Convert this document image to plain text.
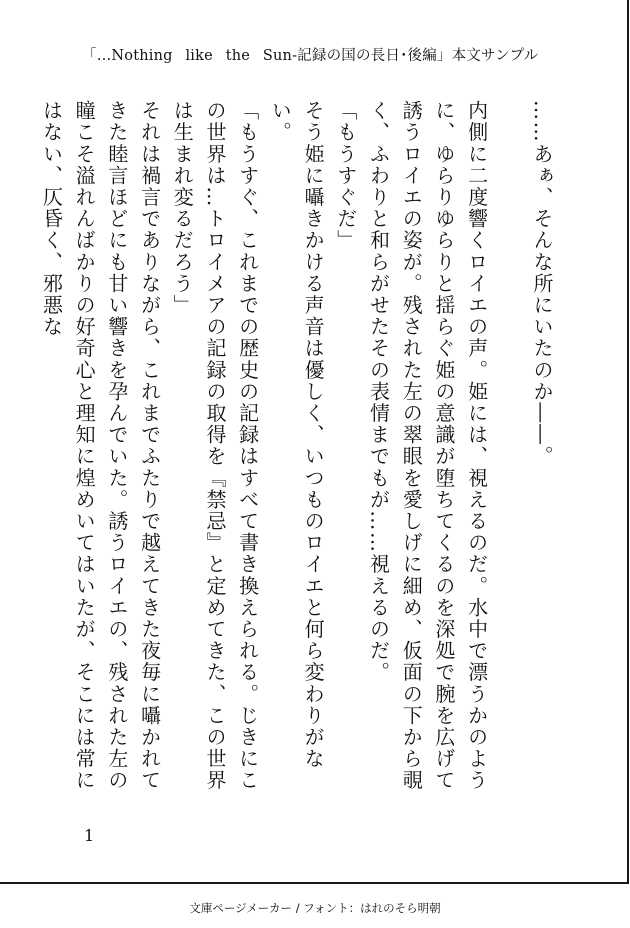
「…Nothing like the Sun-記録の国の長日･後編」本文サンプル

……あぁ、そんな所にいたのか――。

内側に二度響くロイエの声。姫には、視えるのだ。水中で漂うかのように、ゆらりゆらりと揺らぐ姫の意識が堕ちてくるのを深処で腕を広げて誘うロイエの姿が。残された左の翠眼を愛しげに細め、仮面の下から覗く、ふわりと和らがせたその表情までもが……視えるのだ。

「もうすぐだ」

そう姫に囁きかける声音は優しく、いつものロイエと何ら変わりがない。

「もうすぐ、これまでの歴史の記録はすべて書き換えられる。じきにこの世界は…トロイメアの記録の取得を『禁忌』と定めてきた、この世界は生まれ変るだろう」

それは禍言でありながら、これまでふたりで越えてきた夜毎に囁かれてきた睦言ほどにも甘い響きを孕んでいた。誘うロイエの、残された左の瞳こそ溢れんばかりの好奇心と理知に煌めいてはいたが、そこには常にはない、仄昏く、邪悪な

1
文庫ページメーカー / フォント：はれのそら明朝
